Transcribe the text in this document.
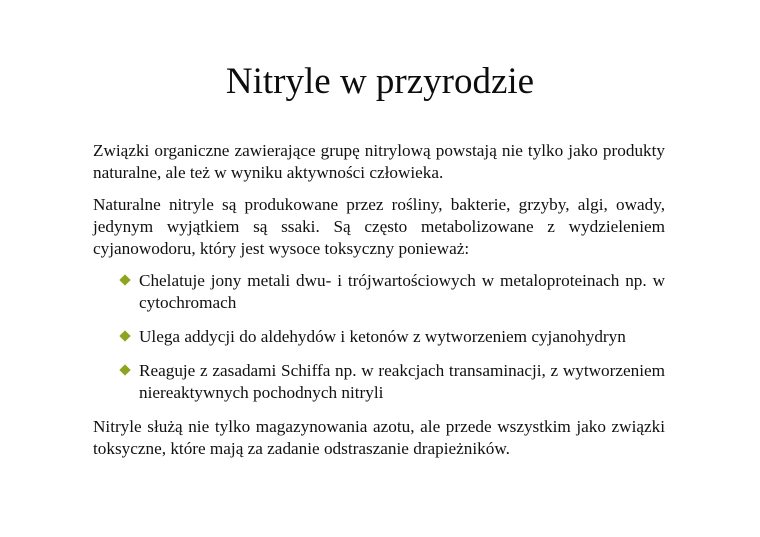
Nitryle w przyrodzie

Związki organiczne zawierające grupę nitrylową powstają nie tylko jako produkty naturalne, ale też w wyniku aktywności człowieka.

Naturalne nitryle są produkowane przez rośliny, bakterie, grzyby, algi, owady, jedynym wyjątkiem są ssaki. Są często metabolizowane z wydzieleniem cyjanowodoru, który jest wysoce toksyczny ponieważ:

Chelatuje jony metali dwu- i trójwartościowych w metaloproteinach np. w cytochromach
Ulega addycji do aldehydów i ketonów z wytworzeniem cyjanohydryn
Reaguje z zasadami Schiffa np. w reakcjach transaminacji, z wytworzeniem niereaktywnych pochodnych nitryli

Nitryle służą nie tylko magazynowania azotu, ale przede wszystkim jako związki toksyczne, które mają za zadanie odstraszanie drapieżników.
